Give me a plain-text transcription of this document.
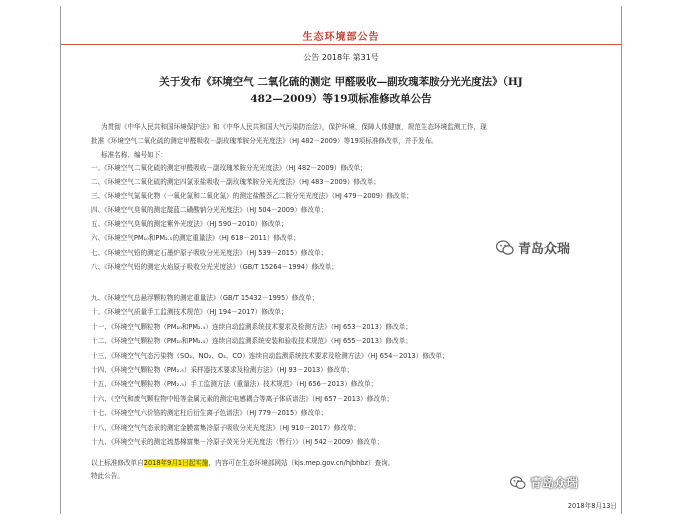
生态环境部公告
公告 2018年 第31号
关于发布《环境空气 二氧化硫的测定 甲醛吸收—副玫瑰苯胺分光光度法》（HJ
482—2009）等19项标准修改单公告

为贯彻《中华人民共和国环境保护法》和《中华人民共和国大气污染防治法》，保护环境，保障人体健康，规范生态环境监测工作，现

批准《环境空气二氧化硫的测定甲醛吸收－副玫瑰苯胺分光光度法》（HJ 482－2009）等19项标准修改单，并予发布。

标准名称、编号如下：

一、《环境空气二氧化硫的测定甲醛吸收－副玫瑰苯胺分光光度法》（HJ 482－2009）修改单；
二、《环境空气二氧化硫的测定四氯汞盐吸收－副玫瑰苯胺分光光度法》（HJ 483－2009）修改单；
三、《环境空气氮氧化物（一氧化氮和二氧化氮）的测定盐酸萘乙二胺分光光度法》（HJ 479－2009）修改单；
四、《环境空气臭氧的测定靛蓝二磺酸钠分光光度法》（HJ 504－2009）修改单；
五、《环境空气臭氧的测定紫外光度法》（HJ 590－2010）修改单；
六、《环境空气PM₁₀和PM₂.₅的测定重量法》（HJ 618－2011）修改单；
七、《环境空气铅的测定石墨炉原子吸收分光光度法》（HJ 539－2015）修改单；
八、《环境空气铅的测定火焰原子吸收分光光度法》（GB/T 15264－1994）修改单；
九、《环境空气总悬浮颗粒物的测定重量法》（GB/T 15432－1995）修改单；
十、《环境空气质量手工监测技术规范》（HJ 194－2017）修改单；
十一、《环境空气颗粒物（PM₁₀和PM₂.₅）连续自动监测系统技术要求及检测方法》（HJ 653－2013）修改单；
十二、《环境空气颗粒物（PM₁₀和PM₂.₅）连续自动监测系统安装和验收技术规范》（HJ 655－2013）修改单；
十三、《环境空气气态污染物（SO₂、NO₂、O₃、CO）连续自动监测系统技术要求及检测方法》（HJ 654－2013）修改单；
十四、《环境空气颗粒物（PM₂.₅）采样器技术要求及检测方法》（HJ 93－2013）修改单；
十五、《环境空气颗粒物（PM₂.₅）手工监测方法（重量法）技术规范》（HJ 656－2013）修改单；
十六、《空气和废气颗粒物中铅等金属元素的测定电感耦合等离子体质谱法》（HJ 657－2013）修改单；
十七、《环境空气六价铬的测定柱后衍生离子色谱法》（HJ 779－2015）修改单；
十八、《环境空气气态汞的测定金膜富集冷原子吸收分光光度法》（HJ 910－2017）修改单；
十九、《环境空气汞的测定巯基棉富集－冷原子荧光分光光度法（暂行）》（HJ 542－2009）修改单；
以上标准修改单自2018年9月1日起实施，内容可在生态环境部网站（kjs.mep.gov.cn/hjbhbz）查询。
特此公告。
2018年8月13日
青岛众瑞
青岛众瑞
